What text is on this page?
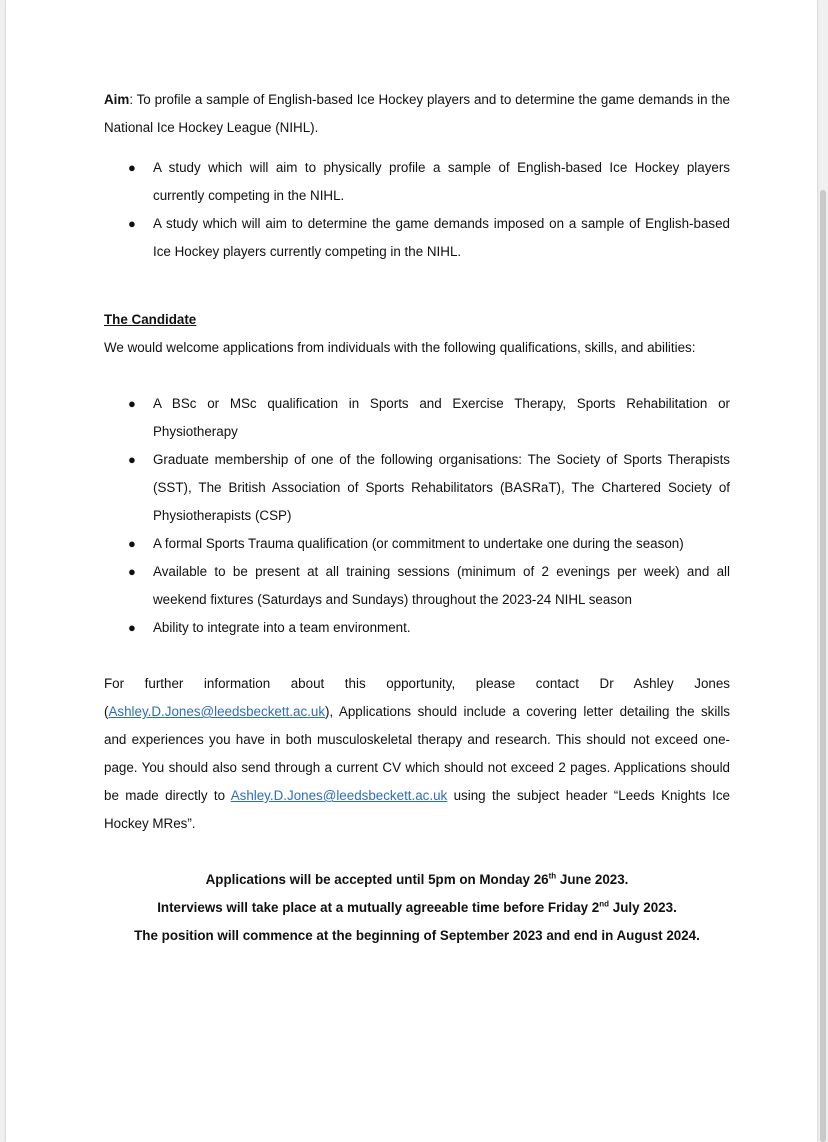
Aim: To profile a sample of English-based Ice Hockey players and to determine the game demands in the National Ice Hockey League (NIHL).

● A study which will aim to physically profile a sample of English-based Ice Hockey players currently competing in the NIHL.
● A study which will aim to determine the game demands imposed on a sample of English-based Ice Hockey players currently competing in the NIHL.

The Candidate

We would welcome applications from individuals with the following qualifications, skills, and abilities:

● A BSc or MSc qualification in Sports and Exercise Therapy, Sports Rehabilitation or Physiotherapy
● Graduate membership of one of the following organisations: The Society of Sports Therapists (SST), The British Association of Sports Rehabilitators (BASRaT), The Chartered Society of Physiotherapists (CSP)
● A formal Sports Trauma qualification (or commitment to undertake one during the season)
● Available to be present at all training sessions (minimum of 2 evenings per week) and all weekend fixtures (Saturdays and Sundays) throughout the 2023-24 NIHL season
● Ability to integrate into a team environment.

For further information about this opportunity, please contact Dr Ashley Jones (Ashley.D.Jones@leedsbeckett.ac.uk), Applications should include a covering letter detailing the skills and experiences you have in both musculoskeletal therapy and research. This should not exceed one-page. You should also send through a current CV which should not exceed 2 pages. Applications should be made directly to Ashley.D.Jones@leedsbeckett.ac.uk using the subject header “Leeds Knights Ice Hockey MRes”.

Applications will be accepted until 5pm on Monday 26th June 2023.

Interviews will take place at a mutually agreeable time before Friday 2nd July 2023.

The position will commence at the beginning of September 2023 and end in August 2024.
